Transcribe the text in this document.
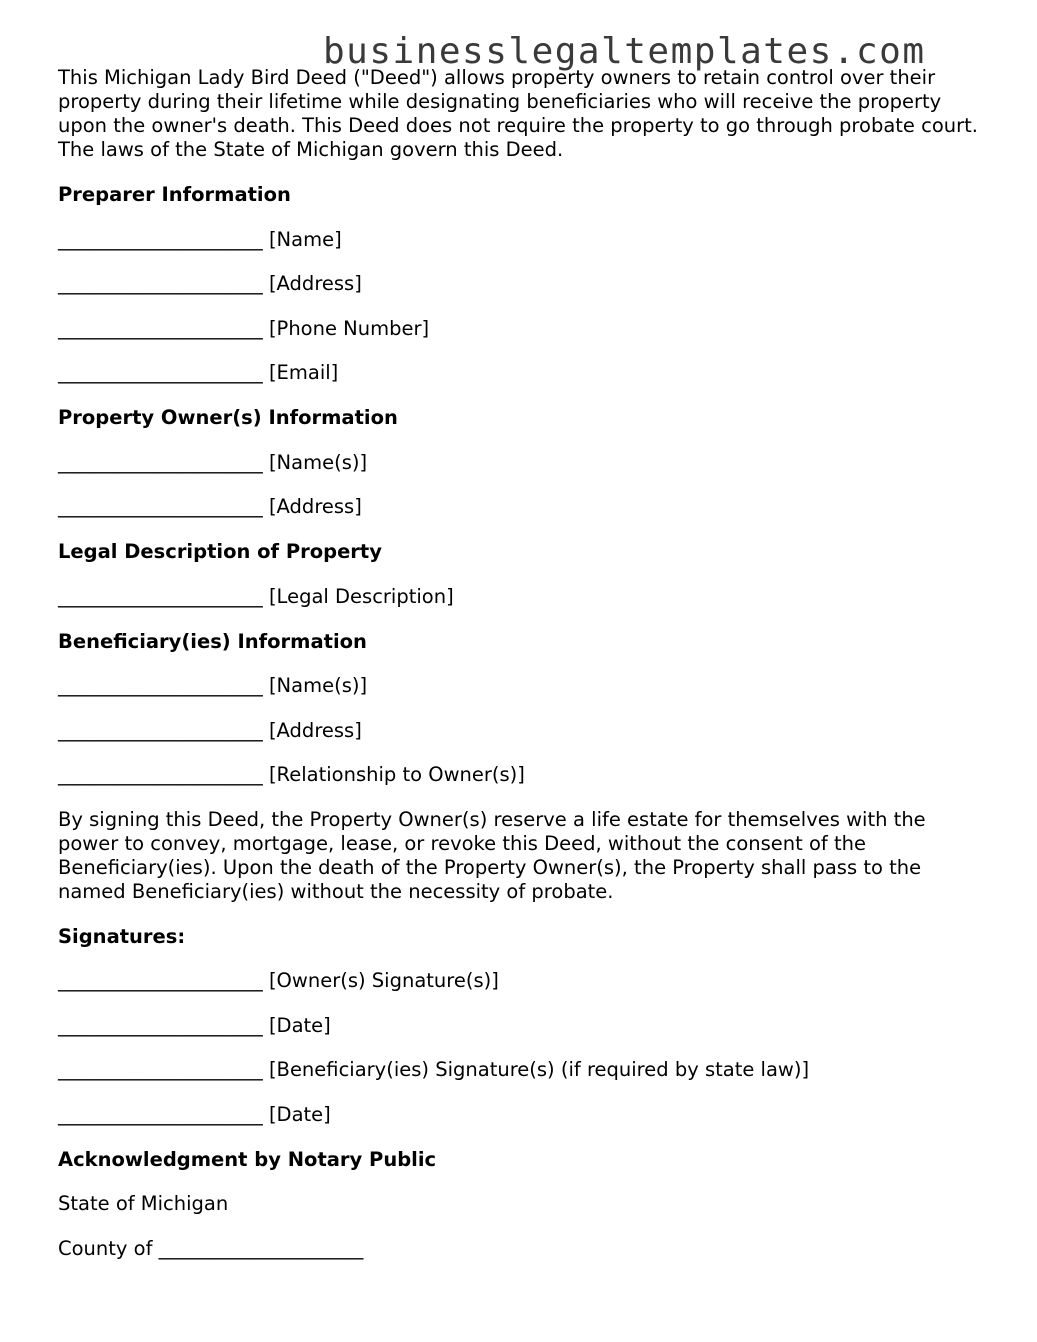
businesslegaltemplates.com

This Michigan Lady Bird Deed ("Deed") allows property owners to retain control over their property during their lifetime while designating beneficiaries who will receive the property upon the owner's death. This Deed does not require the property to go through probate court. The laws of the State of Michigan govern this Deed.

Preparer Information
_____________________ [Name]
_____________________ [Address]
_____________________ [Phone Number]
_____________________ [Email]
Property Owner(s) Information
_____________________ [Name(s)]
_____________________ [Address]
Legal Description of Property
_____________________ [Legal Description]
Beneficiary(ies) Information
_____________________ [Name(s)]
_____________________ [Address]
_____________________ [Relationship to Owner(s)]

By signing this Deed, the Property Owner(s) reserve a life estate for themselves with the power to convey, mortgage, lease, or revoke this Deed, without the consent of the Beneficiary(ies). Upon the death of the Property Owner(s), the Property shall pass to the named Beneficiary(ies) without the necessity of probate.

Signatures:
_____________________ [Owner(s) Signature(s)]
_____________________ [Date]
_____________________ [Beneficiary(ies) Signature(s) (if required by state law)]
_____________________ [Date]
Acknowledgment by Notary Public
State of Michigan
County of _____________________
